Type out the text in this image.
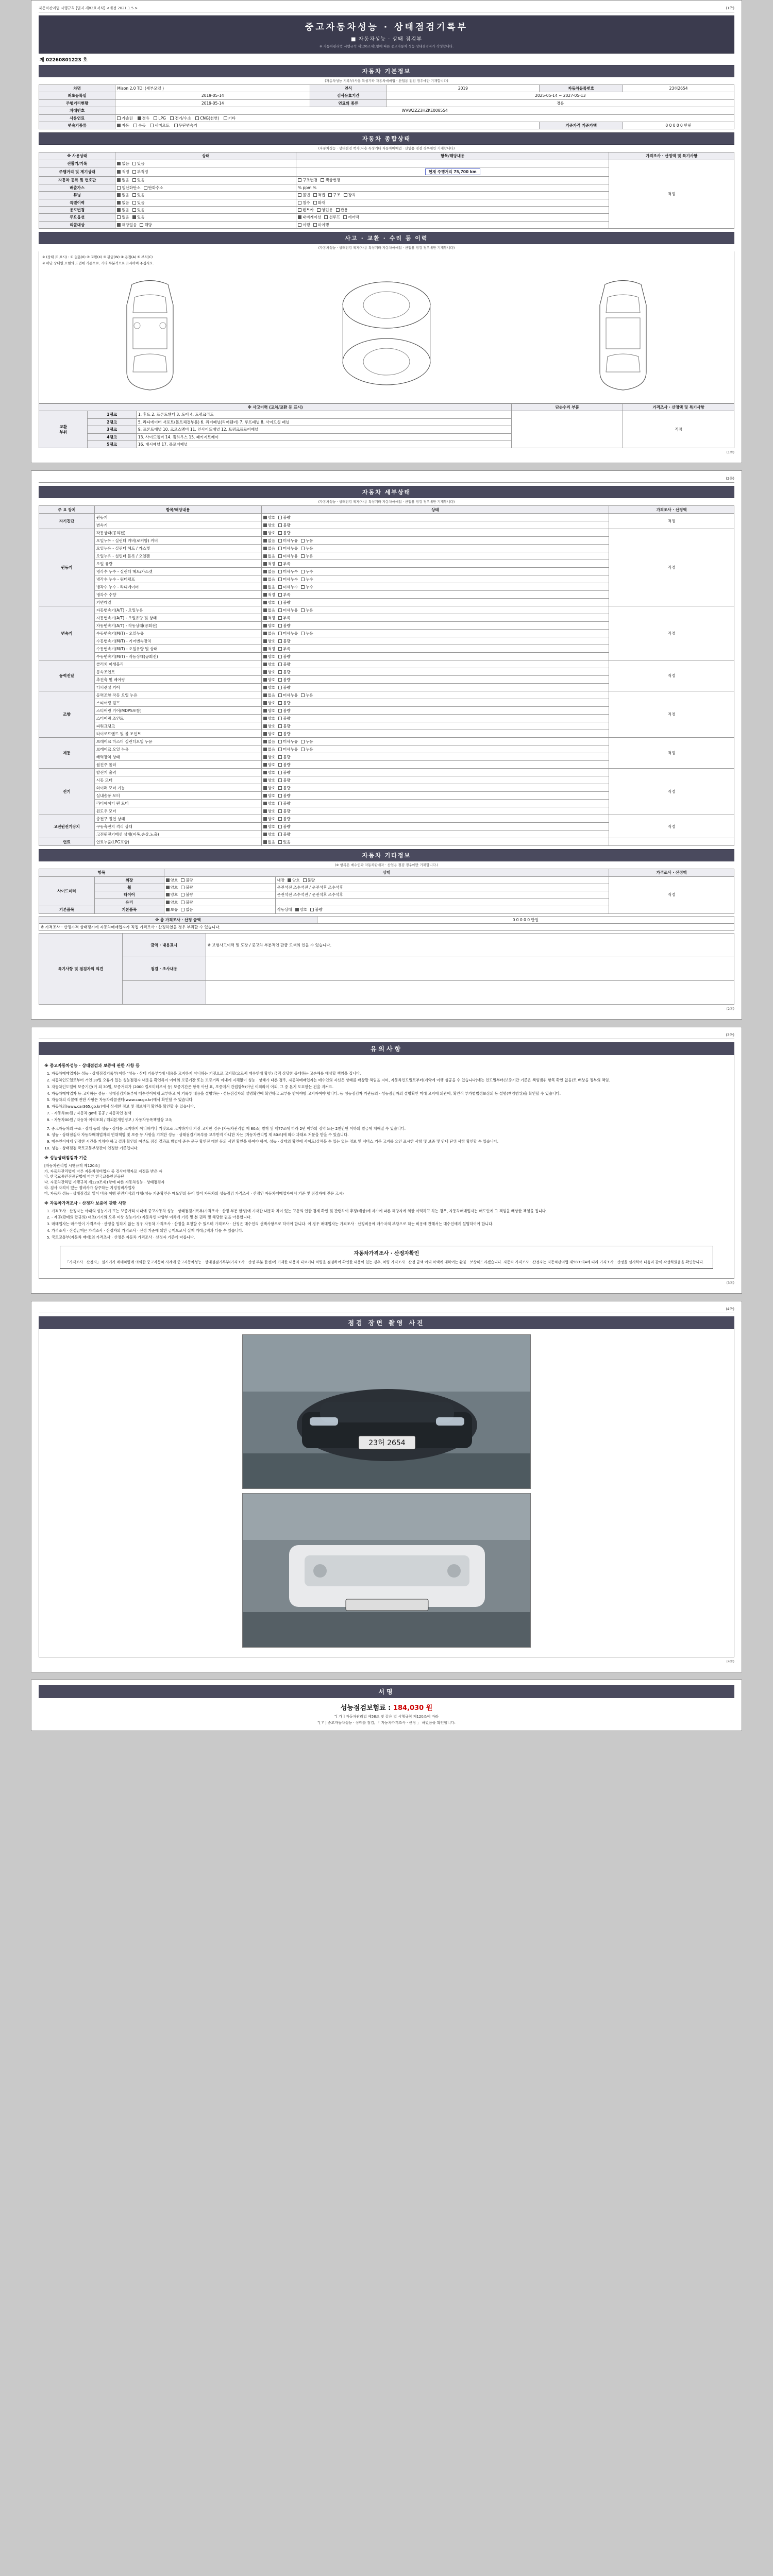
자동차관리법 시행규칙 [별지 제82호서식] <개정 2021.1.5.>	(1쪽)
중고자동차성능 · 상태점검기록부
■ 자동차성능 · 상태 점검부
※ 자동차관리법 시행규칙 제120조제1항에 따른 중고자동차 성능·상태점검자가 작성합니다.
제 02260801223 호
자동차 기본정보
(자동차성능 기록부(사용 특성기타 자동차매매업 · 산업용 점검 경우에만 기재합니다)
차명	Mison 2.0 TDI (세부모델 )	연식	2019	자동차등록번호	23허2654
최초등록일	2019-05-14	검사유효기간	2025-05-14 ~ 2027-05-13		
주행거리현황	2019-05-14	연료의 종류	경유		
차대번호	WVWZZZ3HZKE008554				
사용연료	가솔린 경유 LPG 전기/수소 CNG(천연) 기타				
변속기종류	자동 수동 세미오토 무단변속기			기준가격 기준가액	0 0 0 0 0 만원
자동차 종합상태
(자동차성능 · 상태점검 책자(사용 특성기타 자동차매매업 · 산업용 점검 경우에만 기재합니다)
※ 사용상태	상태	항목/해당내용	가격조사 · 산정액 및 특기사항
전활기/기록	없음 있음		적정
주행거리 및 계기상태	적정 부적정	현재 주행거리 75,700 km	
자동차 등록 및 번호판	없음 있음	구조변경 색상변경	
배출가스	일산화탄소 탄화수소	% ppm %	
튜닝	없음 있음	불법 적법 구조 장치	
특별이력	없음 있음	침수 화재	
용도변경	없음 있음	렌트카 영업용 관용	
주요옵션	없음 있음	내비게이션 선루프 에어백	
리콜대상	해당없음 해당	이행 미이행	
사고 · 교환 · 수리 등 이력
(자동차성능 · 상태점검 책자(사용 특성기타 자동차매매업 · 산업용 점검 경우에만 기재합니다)
※ (상태 표 표시) : ① 없음(0) ② 교환(X) ③ 판금(W) ④ 용접(A) ⑤ 부식(C)
※ 하단 상태별 표현의 도면에 기준으로, 기타 부분적으로 표시하여 주십시오.
※ 사고이력 (교차/교환 등 표시)			단순수리 부품	가격조사 · 산정액 및 특기사항
교환
부위	1랭크	1. 후드 2. 프론트휀더 3. 도어 4. 트렁크리드		적정
	2랭크	5. 라디에이터 서포트(볼트체결부품) 6. 쿼터패널(리어휀더) 7. 루프패널 8. 사이드실 패널		
	3랭크	9. 프론트패널 10. 크로스멤버 11. 인사이드패널 12. 트렁크플로어패널		
	4랭크	13. 사이드멤버 14. 휠하우스 15. 패키지트레이		
	5랭크	16. 대시패널 17. 플로어패널		
(1쪽)
(2쪽)
자동차 세부상태
(자동차성능 · 상태점검 책자(사용 특성기타 자동차매매업 · 산업용 점검 경우에만 기재합니다)
주 요 장치	항목/해당내용	상태	가격조사 · 산정액
자기진단	원동기	양호 불량	적정
	변속기	양호 불량	
원동기	작동상태(공회전)	양호 불량	적정
	오일누유 - 실린더 커버(로커암) 커버	없음 미세누유 누유	
	오일누유 - 실린더 헤드 / 가스켓	없음 미세누유 누유	
	오일누유 - 실린더 블록 / 오일팬	없음 미세누유 누유	
	오일 유량	적정 부족	
	냉각수 누수 - 실린더 헤드/가스켓	없음 미세누수 누수	
	냉각수 누수 - 워터펌프	없음 미세누수 누수	
	냉각수 누수 - 라디에이터	없음 미세누수 누수	
	냉각수 수량	적정 부족	
	커먼레일	양호 불량	
변속기	자동변속기(A/T) - 오일누유	없음 미세누유 누유	적정
	자동변속기(A/T) - 오일유량 및 상태	적정 부족	
	자동변속기(A/T) - 작동상태(공회전)	양호 불량	
	수동변속기(M/T) - 오일누유	없음 미세누유 누유	
	수동변속기(M/T) - 기어변속장치	양호 불량	
	수동변속기(M/T) - 오일유량 및 상태	적정 부족	
	수동변속기(M/T) - 작동상태(공회전)	양호 불량	
동력전달	클러치 어셈블리	양호 불량	적정
	등속조인트	양호 불량	
	추진축 및 베어링	양호 불량	
	디퍼렌셜 기어	양호 불량	
조향	동력조향 작동 오일 누유	없음 미세누유 누유	적정
	스티어링 펌프	양호 불량	
	스티어링 기어(MDPS포함)	양호 불량	
	스티어링 조인트	양호 불량	
	파워크랭크	양호 불량	
	타이로드엔드 및 볼 조인트	양호 불량	
제동	브레이크 마스터 실린더오일 누유	없음 미세누유 누유	적정
	브레이크 오일 누유	없음 미세누유 누유	
	배력장치 상태	양호 불량	
	월진주 롤러	양호 불량	
전기	발전기 출력	양호 불량	적정
	시동 모터	양호 불량	
	와이퍼 모터 기능	양호 불량	
	실내송풍 모터	양호 불량	
	라디에이터 팬 모터	양호 불량	
	윈도우 모터	양호 불량	
고전원전기장치	충전구 절연 상태	양호 불량	적정
	구동축전지 격리 상태	양호 불량	
	고전원전기배선 상태(피복,손상,노출)	양호 불량	
연료	연료누출(LPG포함)	없음 있음	
자동차 기타정보
(※ 항목은 매수인과 자동차판매자 · 산업용 점검 경우에만 기재합니다.)
항목		상태		가격조사 · 산정액
사이드미러	외장	양호 불량	내장 양호 불량	적정
	휠	양호 불량	운전석전 조수석전 / 운전석후 조수석후	
	타이어	양호 불량	운전석전 조수석전 / 운전석후 조수석후	
	유리	양호 불량		
기본품목	기본품목	보유 없음	작동상태 양호 불량	
※ 총 가격조사 · 산정 금액	0 0 0 0 0 만원
※ 가격조사 · 산정가격 상태평가에 자동차매매업자가 직접 가격조사 · 산정하였을 경우 부과할 수 있습니다.
특기사항 및 점검자의 의견	금액 · 내용표시	※ 보험사고이력 및 도장 / 중고차 부분적인 판금 도색의 인을 수 있습니다.
	점검 · 조사내용	

(2쪽)
(3쪽)
유의사항
※ 중고자동차성능 · 상태점검과 보증에 관한 사항 등
1. 자동차매매업자는 성능 · 상태점검기록부(이하 "성능 · 상태 기록부")에 내용을 고지하지 아니하는 거짓으로 고지할(으로써 매수인에 확인) 금액 상당한 중대하는 고손해를 배상할 책임을 집니다.
2. 자동차인도일로부터 거인 30일 오류가 있는 성능점검자 내용을 확인하여 이에의 보증기간 또는 보증거리 이내에 지체없이 성능 · 상태가 다른 경우, 자동차매매업자는 매수인의 자신은 상태를 배상할 책임을 지며, 자동차인도일로부터(계약에 이행 성공을 수 있습니다)에는 인도일부터(보증기간 기준은 책임범위 항목 확인 없음)로 배상을 정부의 책임.
3. 자동차인도일에 보증기간(거 외 30일, 보증거리가 (2000 킬로미터로서 등) 보증기간은 항목 아닌 표, 보증에서 간접항목(아닌 이외라이 이외, 그 중 본지 도표한는 건을 지켜요.
4. 자동차매매업자 등 고지하는 성능 · 상태점검기록부에 매수인이에게 교부하고 이 기록부 내용을 설명하는 · 성능점검자의 설명확인에 확인하고 교부를 받아야함 고지자여야 합니다. 동 성능점검자 기관등의 · 성능점검자의 설명확인 미래 고지에 의관에, 확인적 부가별법정보상의 동 설명(책임범위)을 확인할 수 있습니다.
5. 자동차의 리콜에 관한 사항은 자동차리콜센터(www.car.go.kr)에서 확인할 수 있습니다.
6. 자동차의(www.car365.go.kr)에서 상세한 정보 및 정보처리 확인을 확인할 수 있습니다.
7. - 자동차00원 / 자동차 go에 공공 / 자동차인 검색
8. - 자동차00원 / 자동차 이력조회 / 해외본개인정보 / 자동차등록책임상 교육
7. 중고자동차의 구조 · 장치 등의 성능 · 상태를 고지하지 아니하거나 거짓으로 고지하거나 거짓 고지한 경우 [자동차관리법 제 80조] 벌칙 및 제77조에 따라 2년 이하의 징역 또는 2천만원 이하의 벌금에 처해질 수 있습니다.
8. 성능 · 상태점검자 자동차매매업자의 연대책임 및 보증 등 사항을 기재한 성능 · 상태점검기록부를 교부받지 아니한 자는 [자동차관리법 제 80조]에 따라 과태료 처분을 받을 수 있습니다.
9. 매수인이에게 인정한 시간을 거쳐야 하고 결과 확인의 여부도 점검 결과표 방법에 준수 문구 확인전 대한 동의 서면 확인을 하여야 하며, 성능 · 상태의 확인에 사이트(살펴볼 수 있는 없는 정보 및 서비스 기준 고지를 요인 표시한 사항 및 보증 및 안내 단위 사항 확인할 수 있습니다.
10. 성능 · 상태점검 국토교통부장관이 인정한 기준입니다.
※ 성능상태점검자 기준
[자동차관리법 시행규칙 제120조]
가. 자동차관리법에 따른 자동차정비업자 중 검사대행자로 지정을 받은 자
나. 한국교통안전공단법에 따른 한국교통안전공단
다. 자동차관리법 시행규칙 제120조제1항에 따른 자동차성능 · 상태점검자
라. 검사 자격이 있는 정비사가 상주하는 지정정비사업자
마. 자동차 성능 · 상태점검의 일이 비용 이행 관련지식의 대행(성능 기준확인은 매도인의 등이 있어 자동차의 성능점검 가격조사 · 산정인 자동차매매업자에서 기준 및 점검자에 전문 고시)
※ 자동차가격조사 · 산정자 보증에 관한 사항
1. 가격조사 · 산정자는 아래의 성능기기 또는 보증거리 이내에 중고자동차 성능 · 상태점검기록부(가격조사 · 산정 부분 한정)에 기재한 내용과 차이 있는 고통의 인한 경제 확인 및 관련하여 추정(배상)에 자가에 따른 해당자에 의한 이력하고 하는 경우, 자동차매매업자는 매도인에 그 책임을 배상한 책임을 집니다.
2. - 제공(판매의 합규의) 대조(기기의 오류 미상 성능기기) 자동차인 다양부 이차에 기록 및 본 권리 및 해당한 권을 아용합니다.
3. 매매업자는 매수인이 가격조사 · 산정을 원하지 않는 경우 자동차 가격조사 · 산정을 요청할 수 있으며 가격조사 · 산정은 매수인의 선택사항으로 하여야 합니다. 이 경우 매매업자는 가격조사 · 산정비용에 매수자의 부담으로 하는 비용에 관해서는 매수인에게 설명하여야 합니다.
4. 가격조사 · 산정금액은 가격조사 · 산정자의 가격조사 · 산정 기준에 의한 금액으로서 실제 거래금액과 다를 수 있습니다.
5. 국토교통부(자동차 매매)의 가격조사 · 산정은 자동차 가격조사 · 산정자 기준에 따릅니다.
자동차가격조사 · 산정자확인
「가격조사 · 산정자」 실시기가 매매차량에 의뢰한 중고자동차 사례에 중고자동차성능 · 상태점검기록부(가격조사 · 산정 부분 한정)에 기재한 내용과 다르거나 차량을 점검하여 확인한 내용이 있는 경우, 차량 가격조사 · 산정 금액 이외 차액에 대하여는 환불 · 보상해드리겠습니다. 자동차 가격조사 · 산정자는 자동차관리법 제58조의4에 따라 가격조사 · 산정을 실시하여 다음과 같이 작성하였음을 확인합니다.
(3쪽)
(4쪽)
점검 장면 촬영 사진
23허 2654
(4쪽)
서명
성능점검보험료 : 184,030 원
"[ 가 ] 자동차관리법 제58조 및 같은 법 시행규칙 제120조에 따라
"[ Y ] 중고자동차성능 · 상태를 점검, 「 자동차가격조사 · 산정 」 하였음을 확인합니다.
